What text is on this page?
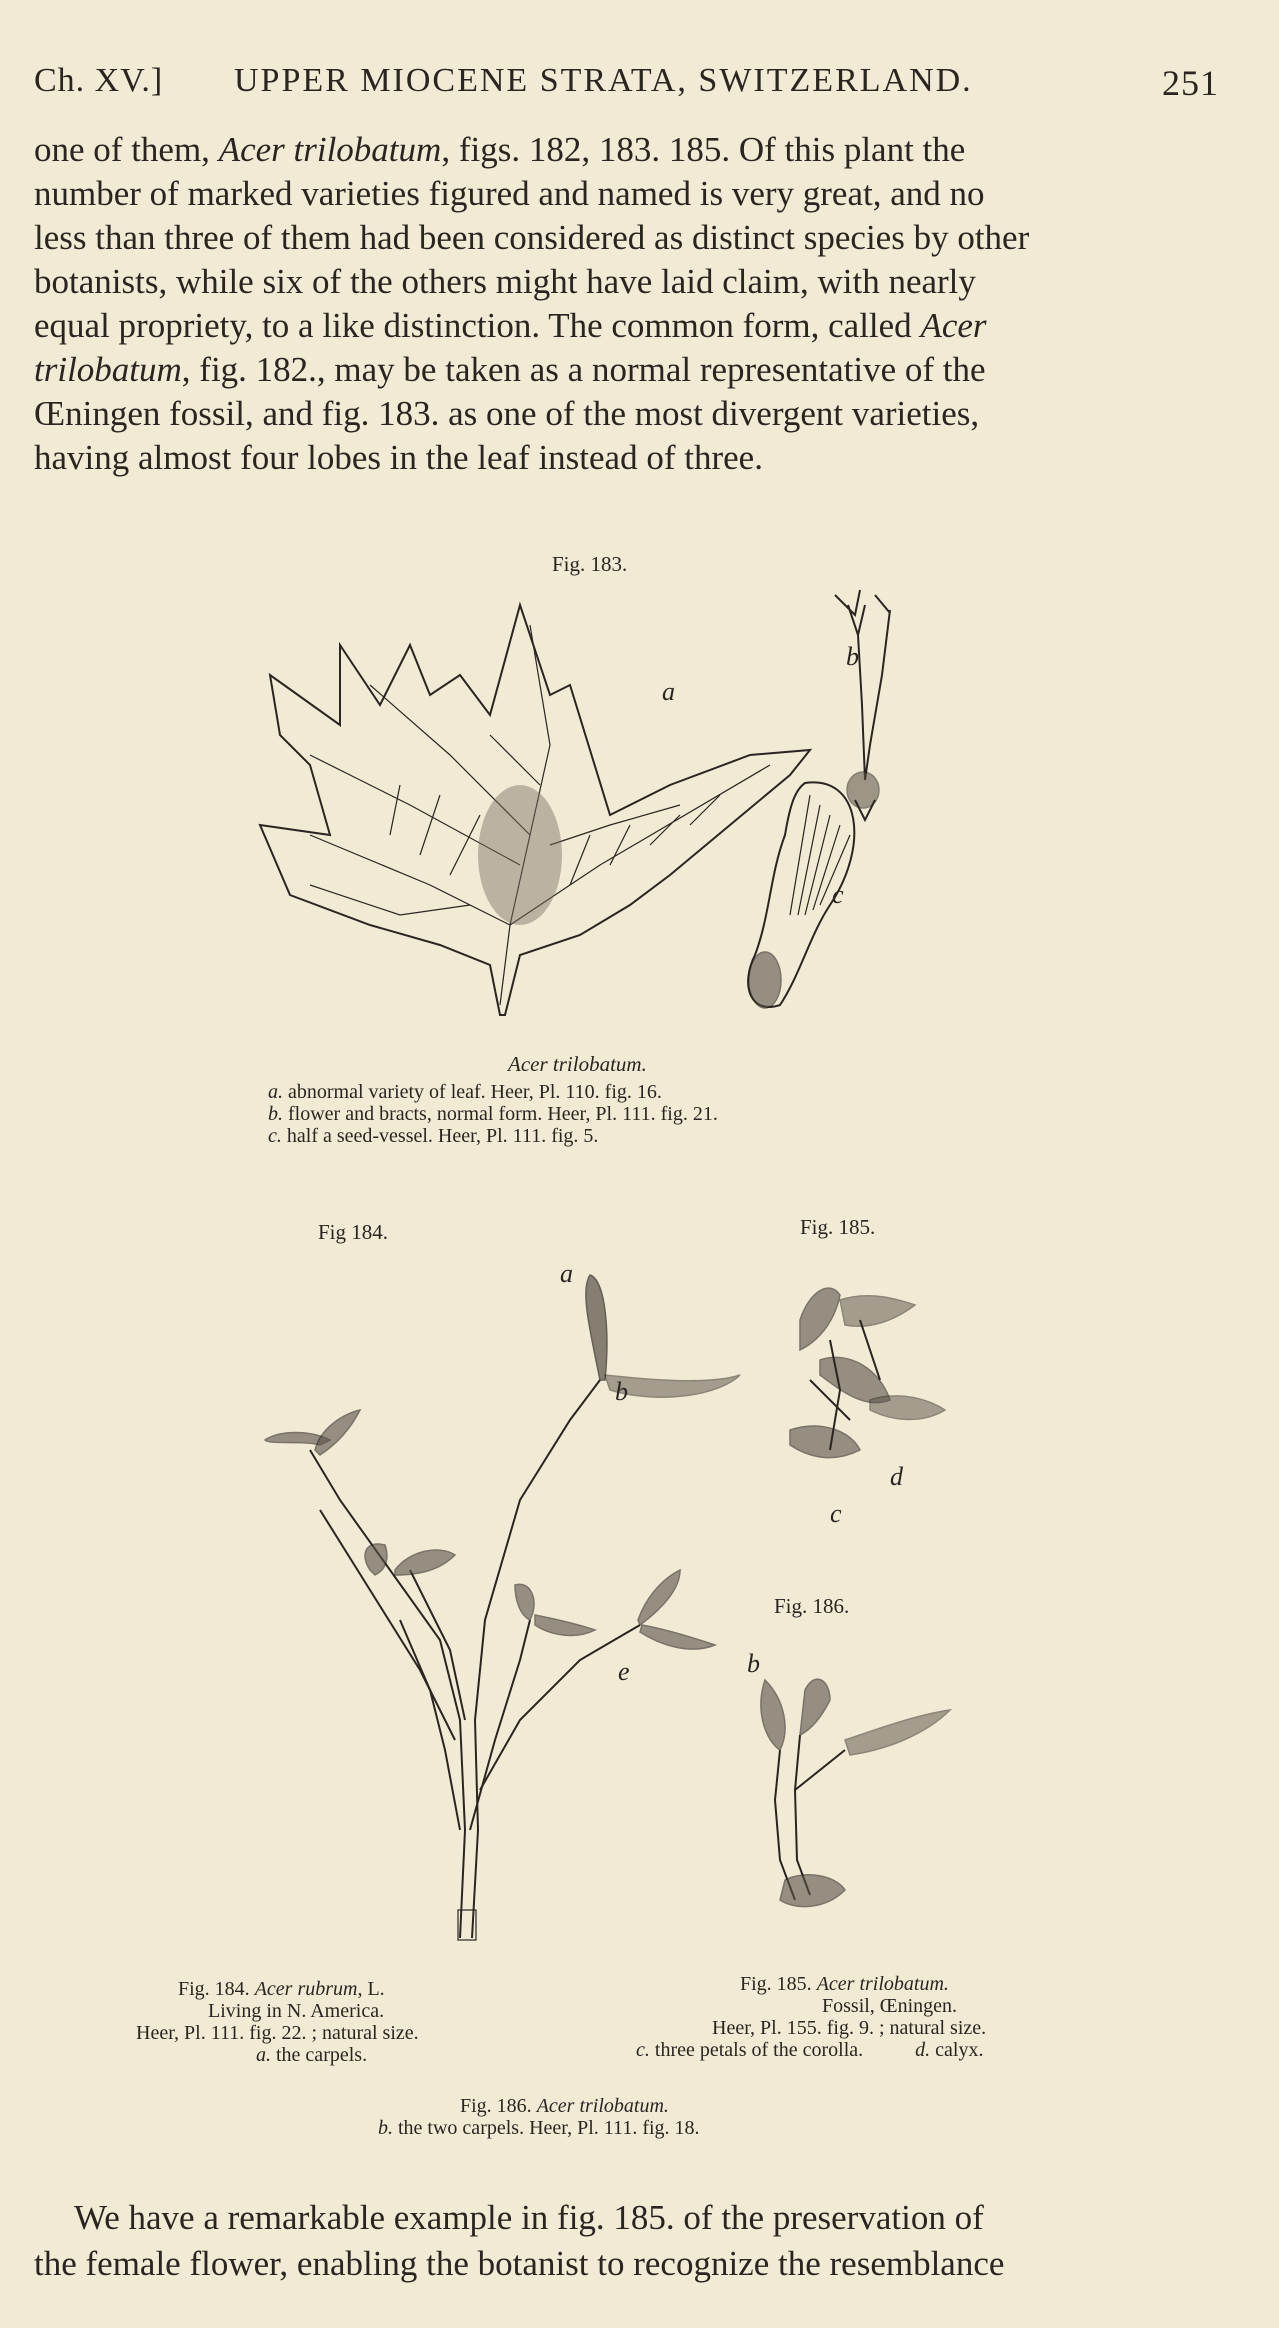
Ch. XV.] UPPER MIOCENE STRATA, SWITZERLAND.	251
one of them, Acer trilobatum, figs. 182, 183. 185. Of this plant the
number of marked varieties figured and named is very great, and no
less than three of them had been considered as distinct species by other
botanists, while six of the others might have laid claim, with nearly
equal propriety, to a like distinction. The common form, called Acer
trilobatum, fig. 182., may be taken as a normal representative of the
Œningen fossil, and fig. 183. as one of the most divergent varieties,
having almost four lobes in the leaf instead of three.
Fig. 183.
a
c
b
Acer trilobatum.
a. abnormal variety of leaf. Heer, Pl. 110. fig. 16.
b. flower and bracts, normal form. Heer, Pl. 111. fig. 21.
c. half a seed-vessel. Heer, Pl. 111. fig. 5.
Fig 184.	Fig. 185.
a
b
e
d
c
Fig. 186.
b
Fig. 184. Acer rubrum, L.
Living in N. America.
Heer, Pl. 111. fig. 22. ; natural size.
a. the carpels.
Fig. 185. Acer trilobatum.
Fossil, Œningen.
Heer, Pl. 155. fig. 9. ; natural size.
c. three petals of the corolla.	d. calyx.
Fig. 186. Acer trilobatum.
b. the two carpels. Heer, Pl. 111. fig. 18.
We have a remarkable example in fig. 185. of the preservation of
the female flower, enabling the botanist to recognize the resemblance
